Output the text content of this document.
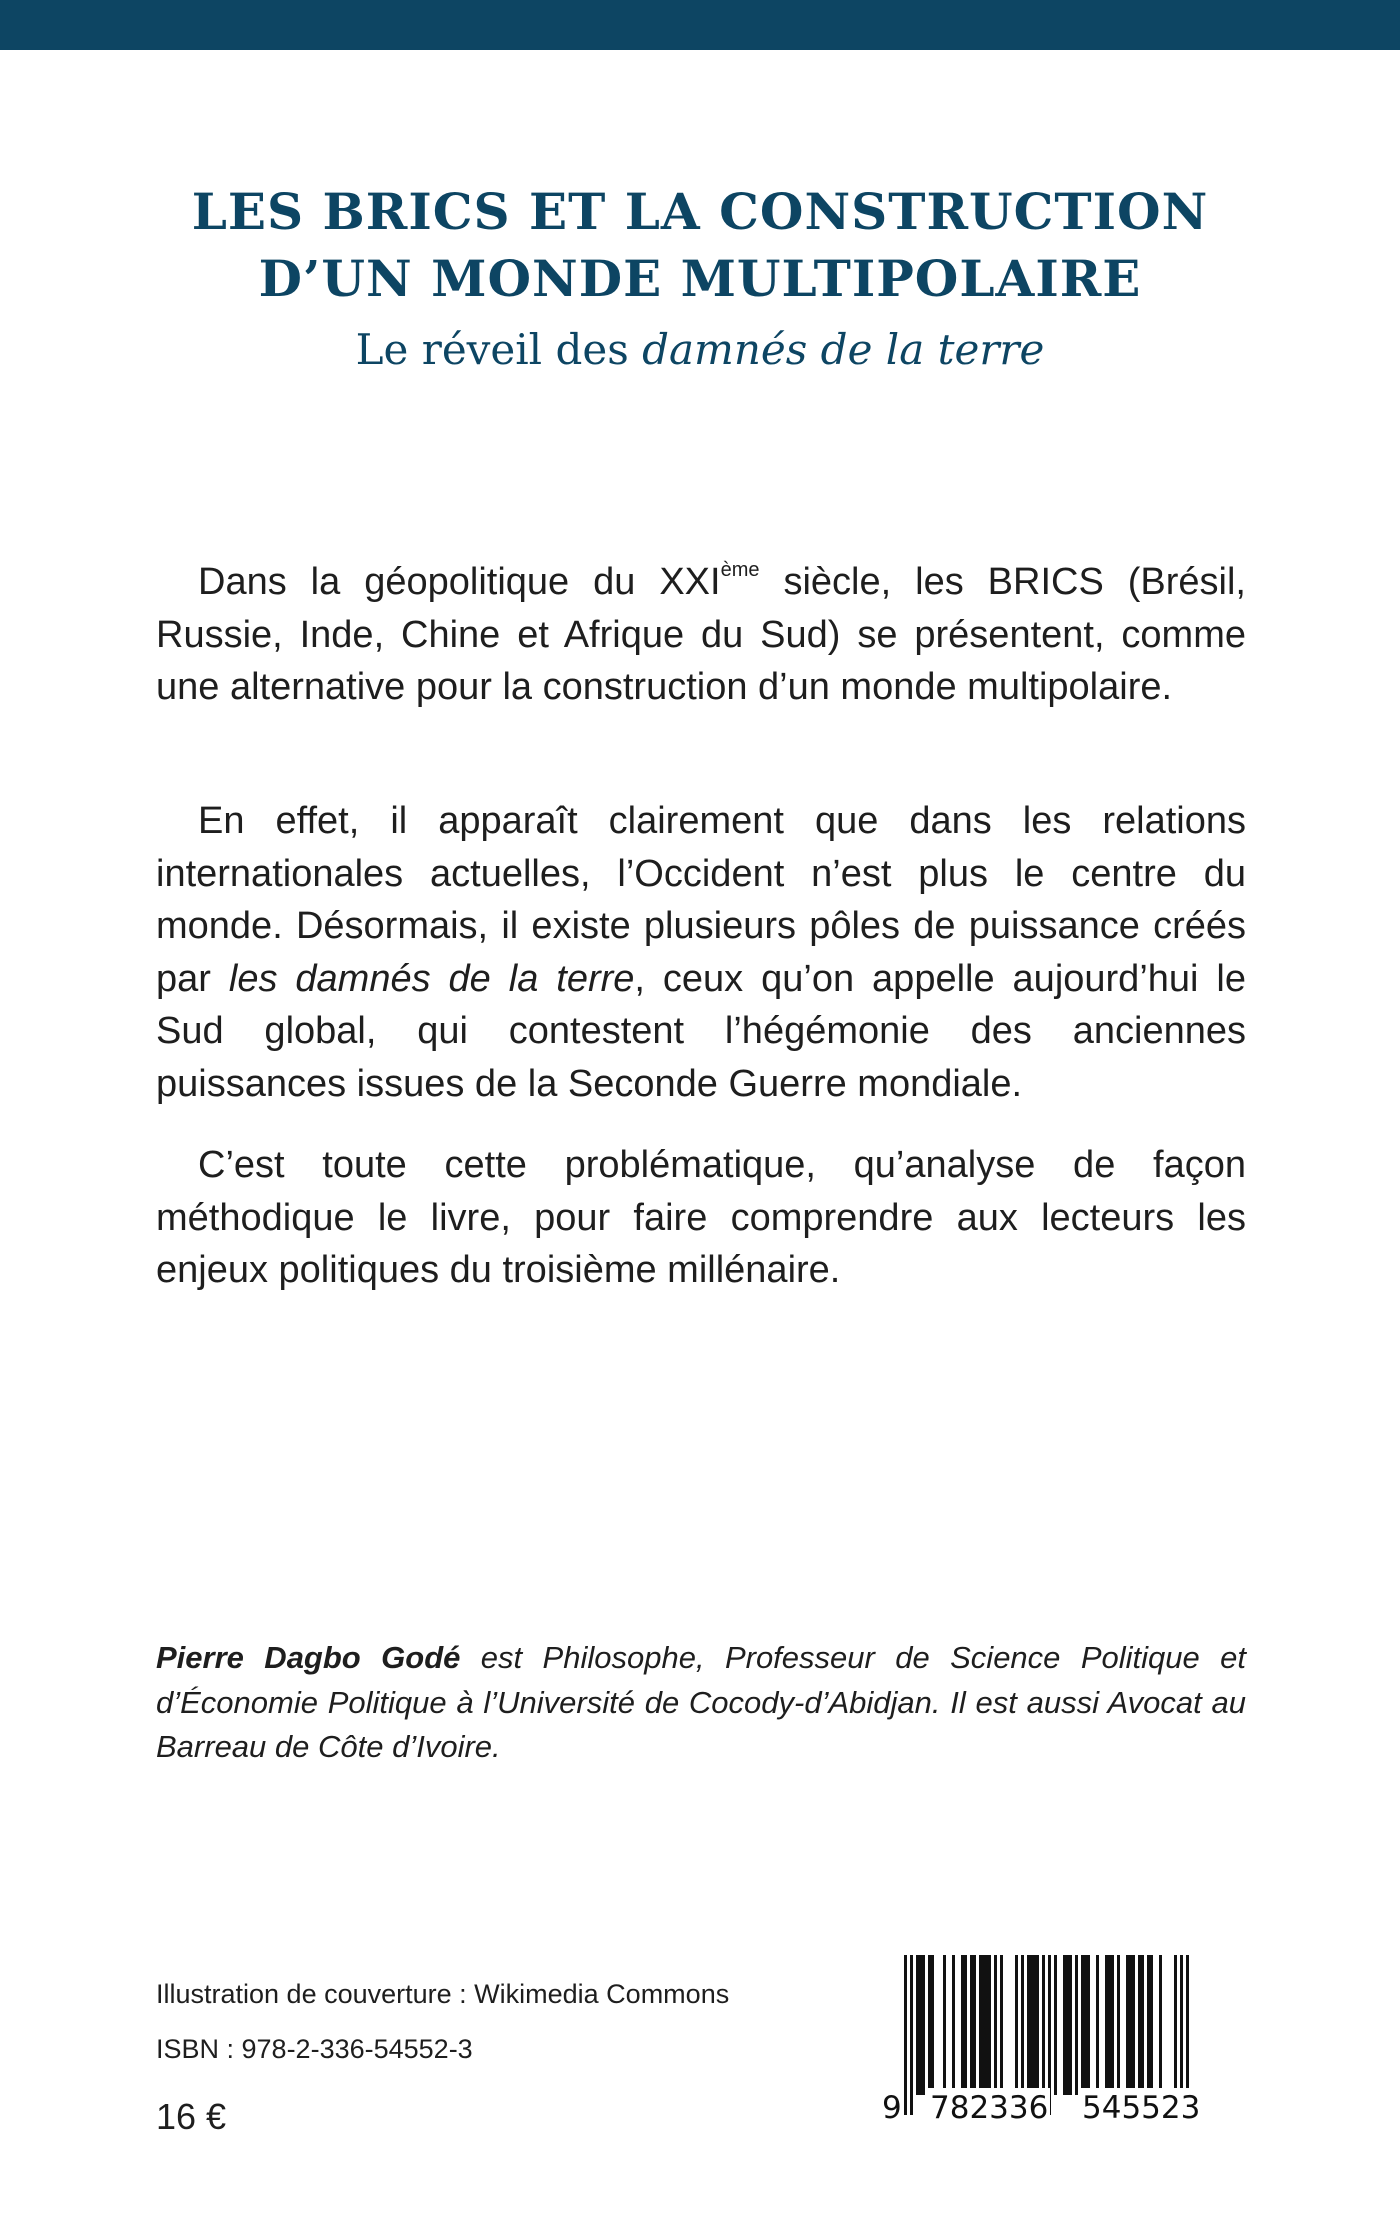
LES BRICS ET LA CONSTRUCTION
D’UN MONDE MULTIPOLAIRE
Le réveil des damnés de la terre

Dans la géopolitique du XXIème siècle, les BRICS (Brésil, Russie, Inde, Chine et Afrique du Sud) se présentent, comme une alternative pour la construction d’un monde multipolaire.

En effet, il apparaît clairement que dans les relations internationales actuelles, l’Occident n’est plus le centre du monde. Désormais, il existe plusieurs pôles de puissance créés par les damnés de la terre, ceux qu’on appelle aujourd’hui le Sud global, qui contestent l’hégémonie des anciennes puissances issues de la Seconde Guerre mondiale.

C’est toute cette problématique, qu’analyse de façon méthodique le livre, pour faire comprendre aux lecteurs les enjeux politiques du troisième millénaire.

Pierre Dagbo Godé est Philosophe, Professeur de Science Politique et d’Économie Politique à l’Université de Cocody-d’Abidjan. Il est aussi Avocat au Barreau de Côte d’Ivoire.
Illustration de couverture : Wikimedia Commons
ISBN : 978-2-336-54552-3
16 €	9 782336 545523
